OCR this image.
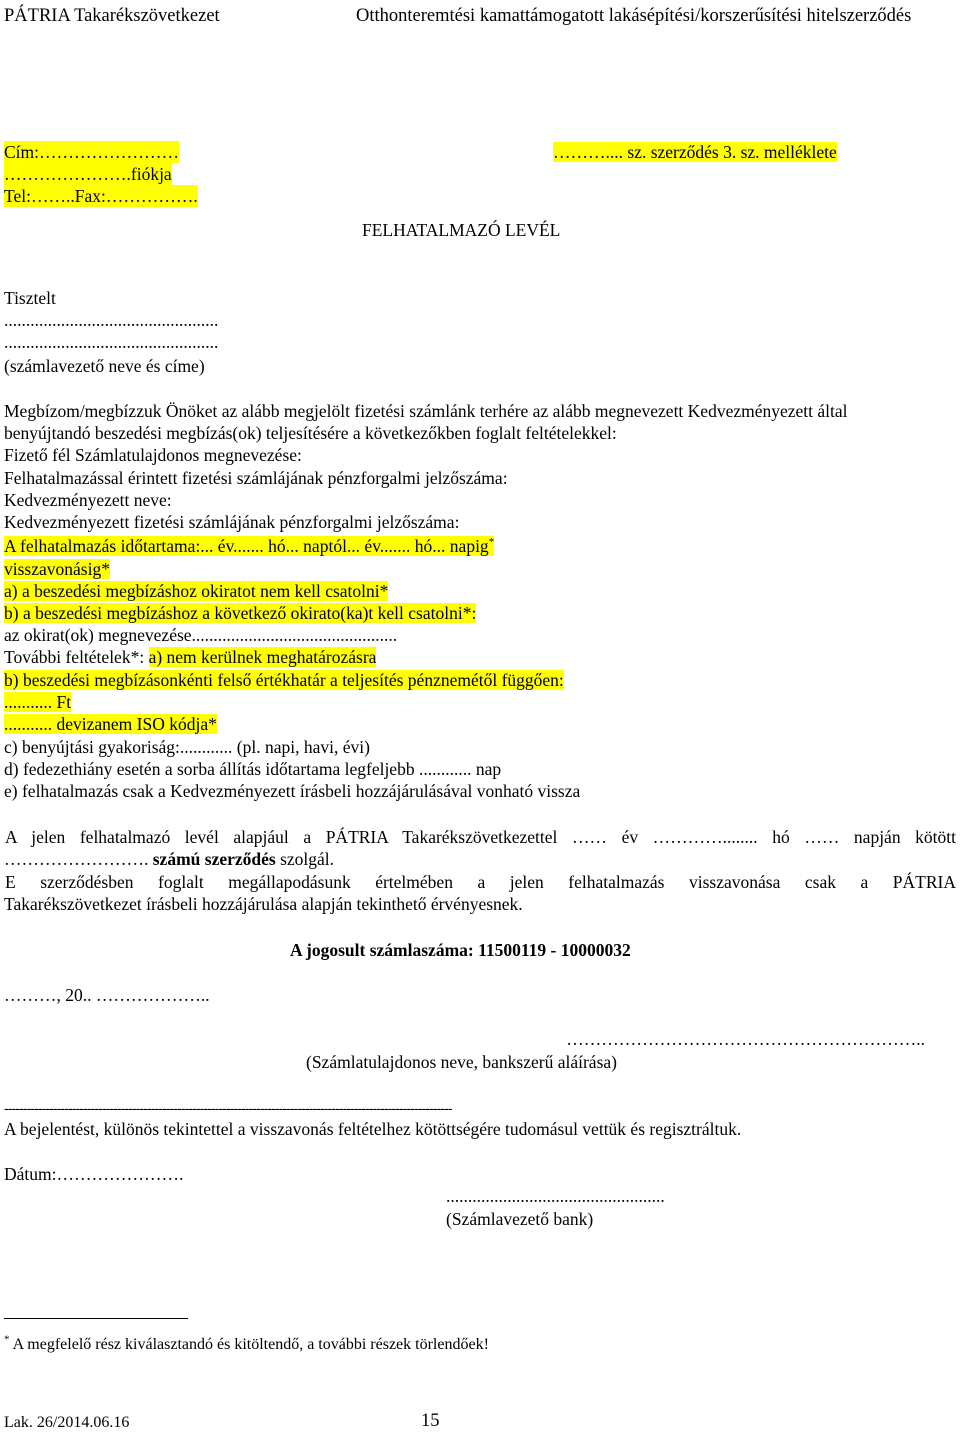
PÁTRIA Takarékszövetkezet	Otthonteremtési kamattámogatott lakásépítési/korszerűsítési hitelszerződés
Cím:……………………
………………….fiókja
Tel:……..Fax:…………….
……….... sz. szerződés 3. sz. melléklete
FELHATALMAZÓ LEVÉL
Tisztelt
.................................................
.................................................
(számlavezető neve és címe)
Megbízom/megbízzuk Önöket az alább megjelölt fizetési számlánk terhére az alább megnevezett Kedvezményezett által
benyújtandó beszedési megbízás(ok) teljesítésére a következőkben foglalt feltételekkel:
Fizető fél Számlatulajdonos megnevezése:
Felhatalmazással érintett fizetési számlájának pénzforgalmi jelzőszáma:
Kedvezményezett neve:
Kedvezményezett fizetési számlájának pénzforgalmi jelzőszáma:
A felhatalmazás időtartama:... év....... hó... naptól... év....... hó... napig*
visszavonásig*
a) a beszedési megbízáshoz okiratot nem kell csatolni*
b) a beszedési megbízáshoz a következő okirato(ka)t kell csatolni*:
az okirat(ok) megnevezése...............................................
További feltételek*: a) nem kerülnek meghatározásra
b) beszedési megbízásonkénti felső értékhatár a teljesítés pénznemétől függően:
........... Ft
........... devizanem ISO kódja*
c) benyújtási gyakoriság:............ (pl. napi, havi, évi)
d) fedezethiány esetén a sorba állítás időtartama legfeljebb ............ nap
e) felhatalmazás csak a Kedvezményezett írásbeli hozzájárulásával vonható vissza
A jelen felhatalmazó levél alapjául a PÁTRIA Takarékszövetkezettel …… év …………........ hó …… napján kötött
……………………. számú szerződés szolgál.
E szerződésben foglalt megállapodásunk értelmében a jelen felhatalmazás visszavonása csak a PÁTRIA
Takarékszövetkezet írásbeli hozzájárulása alapján tekinthető érvényesnek.
A jogosult számlaszáma: 11500119 - 10000032
………, 20.. ………………..
……………………………………………………..
(Számlatulajdonos neve, bankszerű aláírása)
-----------------------------------------------------------------------------------------------------------------------
A bejelentést, különös tekintettel a visszavonás feltételhez kötöttségére tudomásul vettük és regisztráltuk.
Dátum:………………….
..................................................
(Számlavezető bank)
* A megfelelő rész kiválasztandó és kitöltendő, a további részek törlendőek!
Lak. 26/2014.06.16	15
